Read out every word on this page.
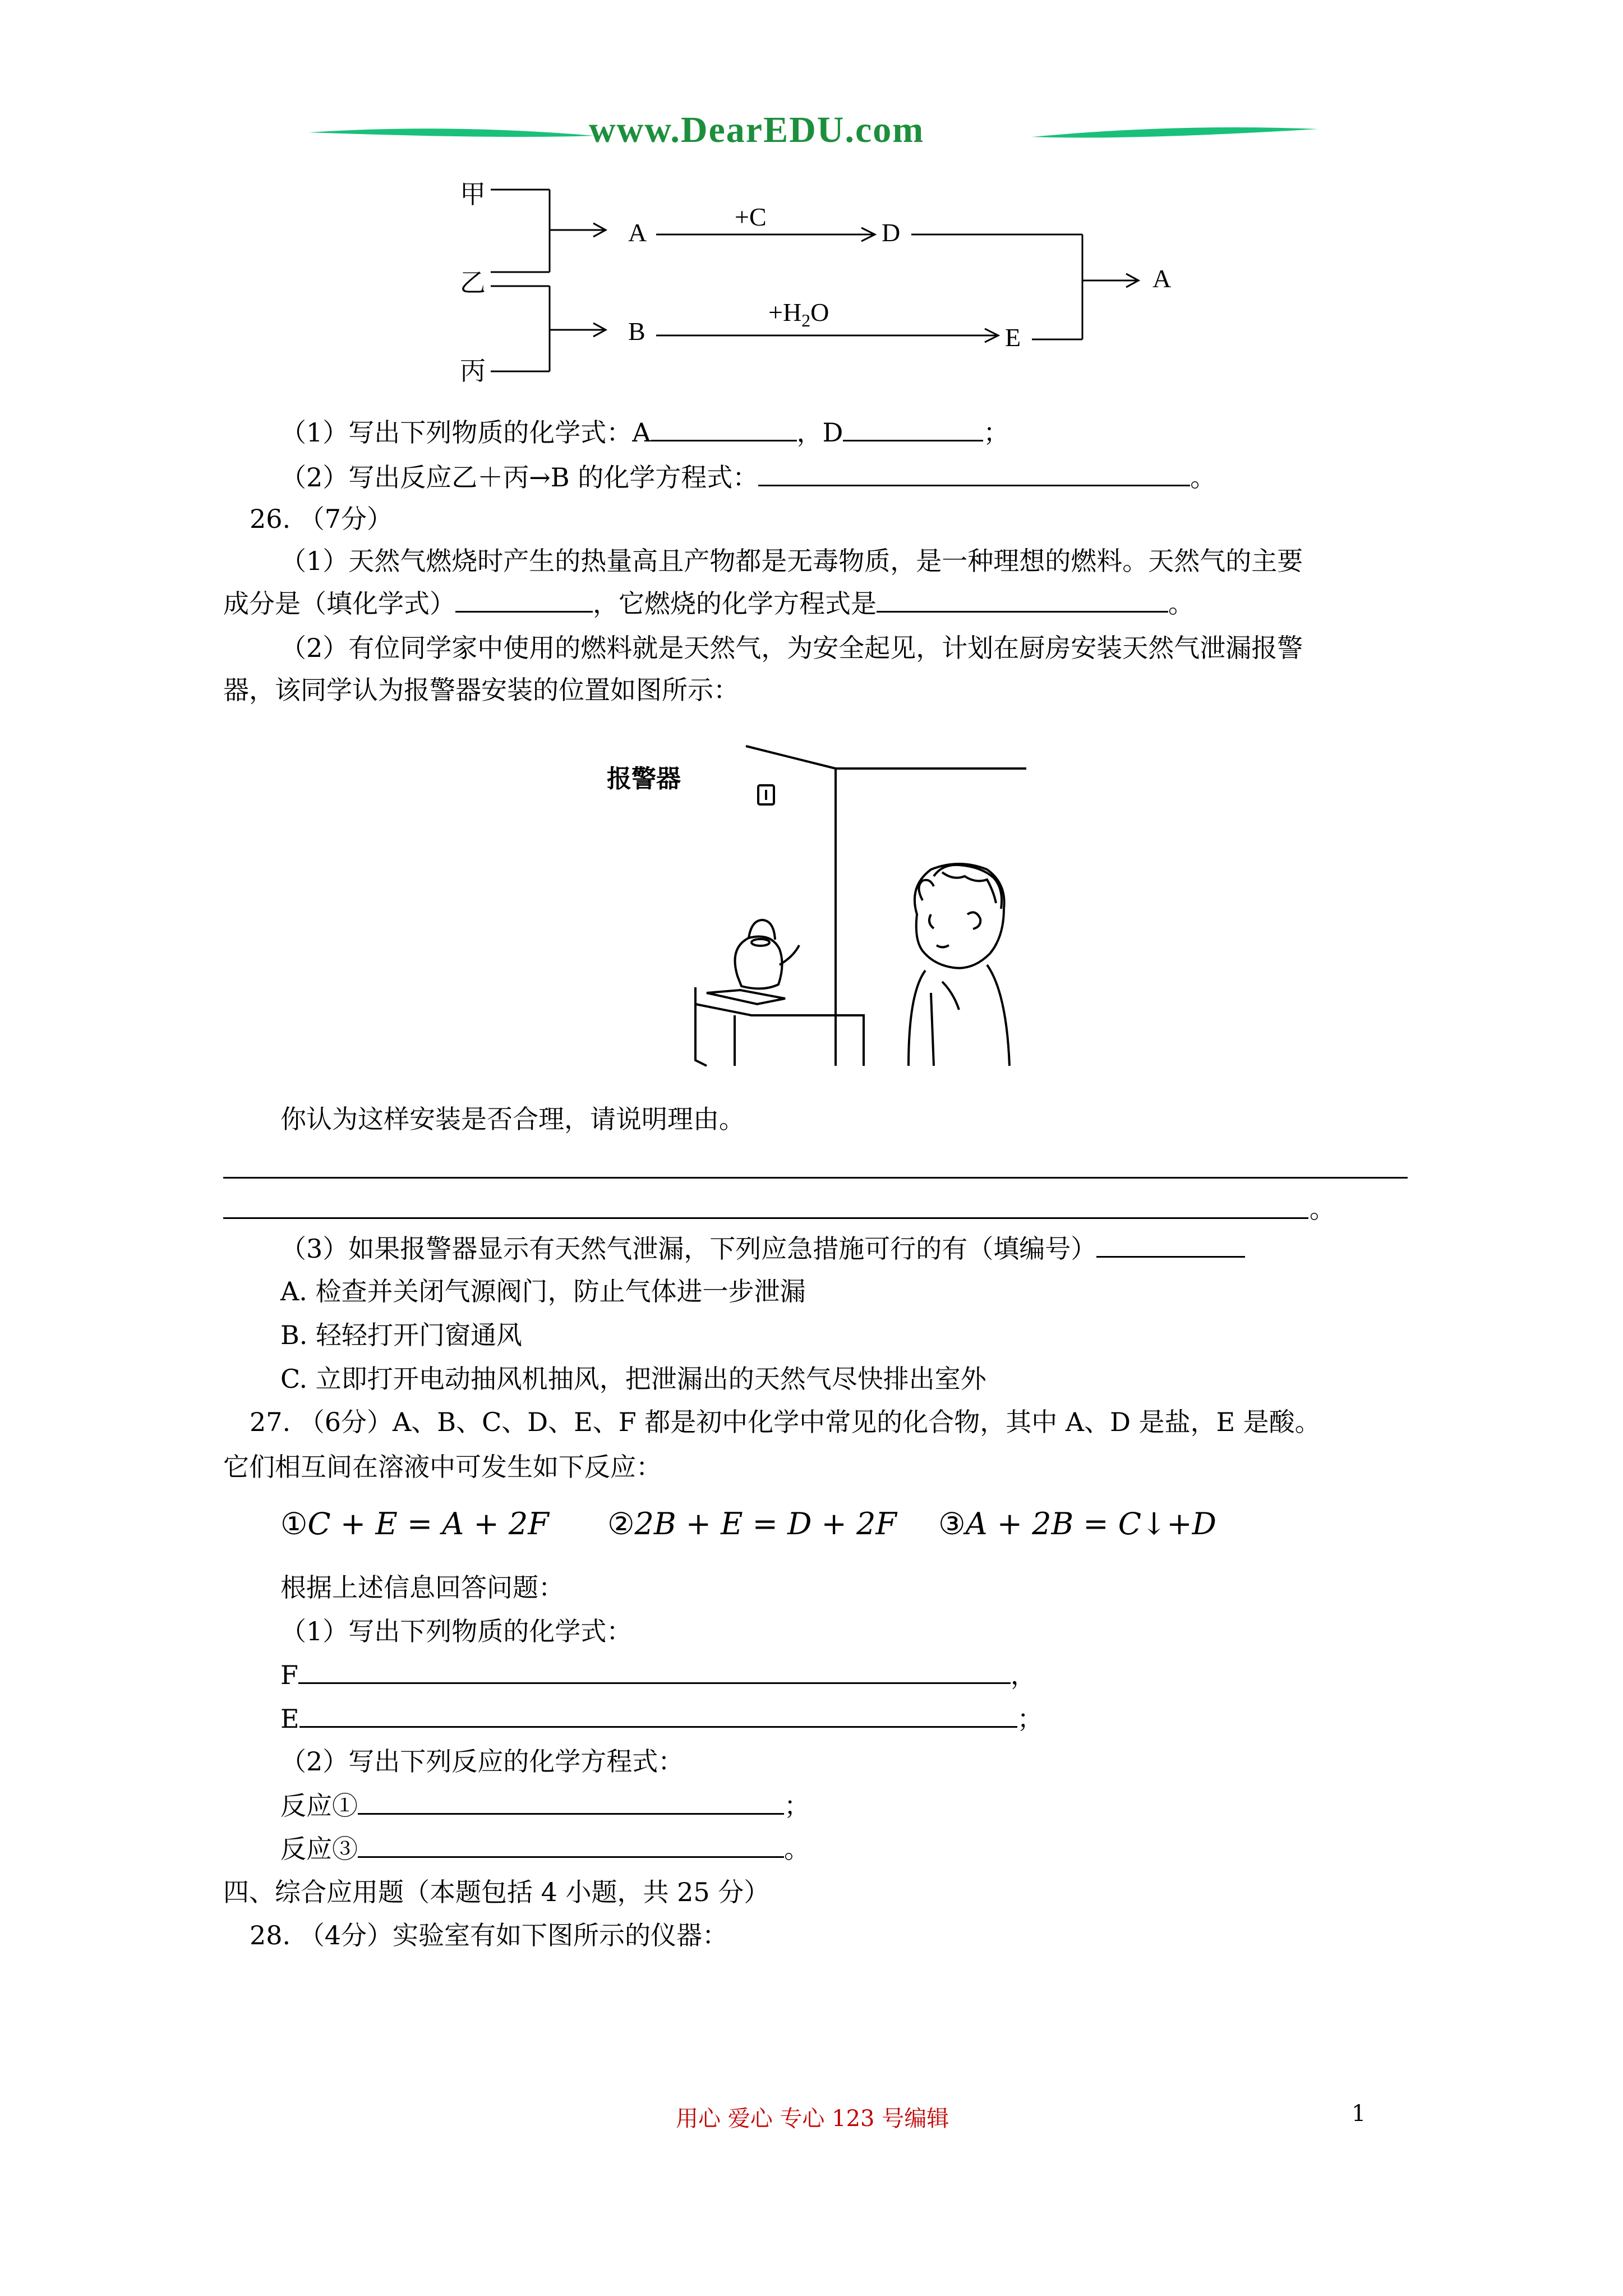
www.DearEDU.com
甲
乙
丙
A
B
D
E
A
+C
$+H_2O$
（1）写出下列物质的化学式：A	，D	；
（2）写出反应乙＋丙→B 的化学方程式：	。
26. （7分）
（1）天然气燃烧时产生的热量高且产物都是无毒物质，是一种理想的燃料。天然气的主要
成分是（填化学式）	，它燃烧的化学方程式是	。
（2）有位同学家中使用的燃料就是天然气，为安全起见，计划在厨房安装天然气泄漏报警
器，该同学认为报警器安装的位置如图所示：
报警器
你认为这样安装是否合理，请说明理由。
。
（3）如果报警器显示有天然气泄漏，下列应急措施可行的有（填编号）
A. 检查并关闭气源阀门，防止气体进一步泄漏
B. 轻轻打开门窗通风
C. 立即打开电动抽风机抽风，把泄漏出的天然气尽快排出室外
27. （6分）A、B、C、D、E、F 都是初中化学中常见的化合物，其中 A、D 是盐，E 是酸。
它们相互间在溶液中可发生如下反应：
①C + E = A + 2F ②2B + E = D + 2F ③A + 2B = C↓+D
根据上述信息回答问题：
（1）写出下列物质的化学式：
F	，
E	；
（2）写出下列反应的化学方程式：
反应①	；
反应③	。
四、综合应用题（本题包括 4 小题，共 25 分）
28. （4分）实验室有如下图所示的仪器：
用心 爱心 专心 123 号编辑	1
